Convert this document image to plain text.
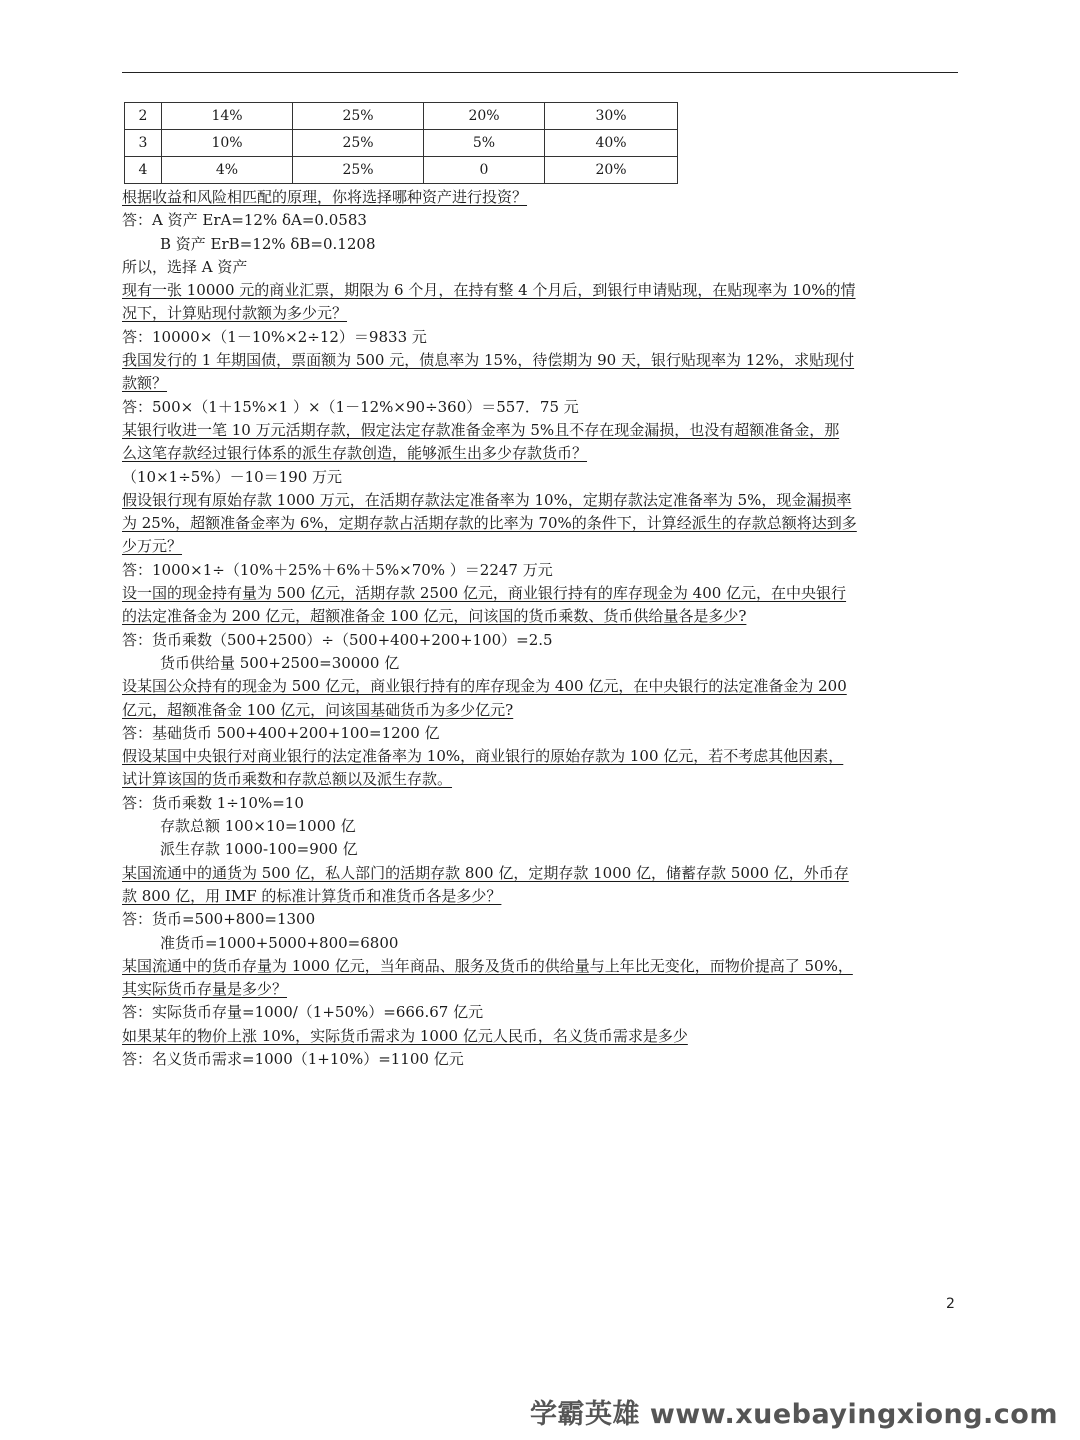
2	14%	25%	20%	30%
3	10%	25%	5%	40%
4	4%	25%	0	20%
根据收益和风险相匹配的原理，你将选择哪种资产进行投资？
答：A 资产 ErA=12% δA=0.0583
B 资产 ErB=12% δB=0.1208
所以，选择 A 资产
现有一张 10000 元的商业汇票，期限为 6 个月，在持有整 4 个月后，到银行申请贴现，在贴现率为 10%的情
况下，计算贴现付款额为多少元？
答：10000×（1－10%×2÷12）＝9833 元
我国发行的 1 年期国债，票面额为 500 元，债息率为 15%，待偿期为 90 天，银行贴现率为 12%，求贴现付
款额？
答：500×（1＋15%×1 ）×（1－12%×90÷360）＝557．75 元
某银行收进一笔 10 万元活期存款，假定法定存款准备金率为 5%且不存在现金漏损，也没有超额准备金，那
么这笔存款经过银行体系的派生存款创造，能够派生出多少存款货币？
（10×1÷5%）－10＝190 万元
假设银行现有原始存款 1000 万元，在活期存款法定准备率为 10%，定期存款法定准备率为 5%，现金漏损率
为 25%，超额准备金率为 6%，定期存款占活期存款的比率为 70%的条件下，计算经派生的存款总额将达到多
少万元？
答：1000×1÷（10%＋25%＋6%＋5%×70% ）＝2247 万元
设一国的现金持有量为 500 亿元，活期存款 2500 亿元，商业银行持有的库存现金为 400 亿元，在中央银行
的法定准备金为 200 亿元，超额准备金 100 亿元，问该国的货币乘数、货币供给量各是多少?
答：货币乘数（500+2500）÷（500+400+200+100）=2.5
货币供给量 500+2500=30000 亿
设某国公众持有的现金为 500 亿元，商业银行持有的库存现金为 400 亿元，在中央银行的法定准备金为 200
亿元，超额准备金 100 亿元，问该国基础货币为多少亿元?
答：基础货币 500+400+200+100=1200 亿
假设某国中央银行对商业银行的法定准备率为 10%，商业银行的原始存款为 100 亿元，若不考虑其他因素，
试计算该国的货币乘数和存款总额以及派生存款。
答：货币乘数 1÷10%=10
存款总额 100×10=1000 亿
派生存款 1000-100=900 亿
某国流通中的通货为 500 亿，私人部门的活期存款 800 亿，定期存款 1000 亿，储蓄存款 5000 亿，外币存
款 800 亿，用 IMF 的标准计算货币和准货币各是多少？
答：货币=500+800=1300
准货币=1000+5000+800=6800
某国流通中的货币存量为 1000 亿元，当年商品、服务及货币的供给量与上年比无变化，而物价提高了 50%，
其实际货币存量是多少？
答：实际货币存量=1000/（1+50%）=666.67 亿元
如果某年的物价上涨 10%，实际货币需求为 1000 亿元人民币，名义货币需求是多少
答：名义货币需求=1000（1+10%）=1100 亿元
2
学霸英雄 www.xuebayingxiong.com
